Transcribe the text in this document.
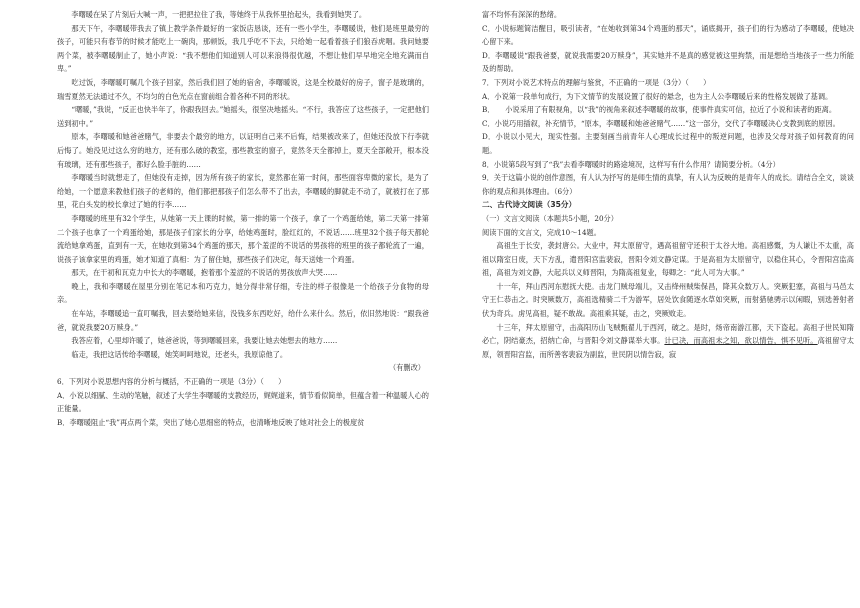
李曙暖在呆了片刻后大喊一声，一把把拉住了我，等她终于从我怀里抬起头，我看到她哭了。

那天下午，李曙暖带我去了镇上教学条件最好的一家饭店恳谈，还有一些小学生，李曙暖说，他们是班里最穷的孩子，可能只有春节的时候才能吃上一碗肉，那顿饭，我几乎吃不下去，只给她一起看着孩子们狼吞虎咽。我问她要两个菜，被李曙暖制止了，她小声说：“我不想他们知道别人可以来浪得很优越，不想让他们早早地完全地充满而自卑。”

吃过饭，李曙暖叮嘱几个孩子回家，然后我们回了她的宿舍，李曙暖说，这是全校最好的房子，窗子是玻璃的，瑞雪夏然无法通过不久，不均匀的白色光点在窗前组合着各种不同的形状。

“曙暖，”我说，“反正也快半年了，你跟我回去。”她摇头，很坚决地摇头。“不行，我答应了这些孩子，一定把他们送到初中。”

原本，李曙暖和她爸爸赌气，非要去个最穷的地方，以证明自己来不后悔，结果被改来了，但她还没放下行李就后悔了。她没见过这么穷的地方，还有那么破的教室，那些教室的窗子，竟然冬天全都掉上，夏天全部敞开，根本没有玻璃，还有那些孩子，都好么脸手脏的……

李曙暖当时就想走了，但她没有走掉，因为所有孩子的家长，竟然都在第一时间，那些面容卑微的家长，是为了给她，一个愿意来教他们孩子的老师的，他们都把那孩子们怎么带不了出去，李曙暖的脚就走不动了，就被打在了那里，花白头发的校长拿过了她的行李……

李曙暖的班里有32个学生，从她第一天上课的时候，第一排的第一个孩子，拿了一个鸡蛋给她，第二天第一排第二个孩子也拿了一个鸡蛋给她，那是孩子们家长的分享，给她鸡蛋时，脸红红的，不说话……班里32个孩子每天都轮流给她拿鸡蛋，直到有一天，在她收到第34个鸡蛋的那天，那个羞涩的不说话的男孩将的班里的孩子都轮流了一遍，说孩子该拿家里的鸡蛋，她才知道了真相：为了留住她，那些孩子们决定，每天送她一个鸡蛋。

那天，在干初和瓦克力中长大的李曙暖，抱着那个羞涩的不说话的男孩放声大哭……

晚上，我和李曙暖在屋里分别在笔记本和巧克力，她分得非常仔细，专注的样子很像是一个给孩子分食物的母亲。

在车站，李曙暖追一直叮嘱我，回去要给她来信，没钱多东西吃好，给什么来什么。然后，依旧然地说：“跟我爸爸，就说我要20万赎身。”

我答应着，心里却许暖了，她爸爸说，等到曙暖回来，我要让她去她想去的地方……

临走，我把这话传给李曙暖，她笑呵呵地说，还老头，我原谅他了。

（有删改）

6．下列对小说思想内容的分析与概括，不正确的一项是（3分）（　　）

A．小说以细腻、生动的笔触，叙述了大学生李曙暖的支教经历，娓娓道来，情节看似简单，但蕴含着一种温暖人心的正能量。

B．李曙暖阻止“我”再点两个菜，突出了她心思细密的特点，也清晰地反映了她对社会上的极度贫

富不均怀有深深的愁绪。

C．小说标题简洁醒目，吸引读者，“在她收到第34个鸡蛋的那天”，诵底揭开，孩子们的行为感动了李曙暖，使她决心留下来。

D．李曙暖说“跟我爸要，就说我需要20万赎身”，其实她并不是真的感觉被这里拘禁，而是想给当地孩子一些力所能及的帮助。

7．下列对小说艺术特点的理解与鉴赏，不正确的一项是（3分）（　　）

A．小说第一段单句成行，为下文情节的发展设置了很好的悬念，也为主人公李曙暖后来的性格发展做了基调。

B．　　小说采用了有限视角，以“我”的视角来叙述李曙暖的故事，使事件真实可信，拉近了小说和读者的距离。

C．小说巧用插叙，补充情节，“原本，李曙暖和她爸爸赌气……”这一部分，交代了李曙暖决心支教到底的原因。

D．小说以小见大，现实性强。主要刻画当前青年人心理成长过程中的叛逆问题，也涉及父母对孩子如何教育的问题。

8．小说第5段写到了“我”去看李曙暖时的路途境况，这样写有什么作用？请简要分析。（4分）

9．关于这篇小说的创作意图，有人认为抒写的是师生情的真挚，有人认为反映的是青年人的成长。请结合全文，谈谈你的观点和具体理由。（6分）

二、古代诗文阅读（35分）

（一）文言文阅读（本题共5小题，20分）

阅读下面的文言文，完成10～14题。

高祖生于长安，袭封唐公。大业中，拜太原留守，遇高祖留守还积于太谷大地。高祖感慨，为人谦让不太重，高祖以隋室日废，天下方乱，遣晋阳宫监裴寂，晋阳令刘文静定谋。于是高祖为太原留守，以稳住其心，令晋阳宫监高祖，高祖为刘文静，大起兵以义师晋阳，为隋高祖复业，每卿之：“此人可为大事。”

十一年，拜山西河东慰抚大使。击龙门贼母端儿，又击绛州贼柴保昌，降其众数万人。突厥犯塞，高祖与马邑太守王仁恭击之。时突厥数万，高祖选精骑二千为游军，居处饮食随逐水草如突厥，而射猎驰骋示以闲暇，别选善射者伏为奇兵。虏见高祖，疑不敢战。高祖乘其疑，击之，突厥败走。

十三年，拜太原留守，击高阳历山飞贼甄翟儿于西河，破之。是时，炀帝南游江都，天下盗起。高祖子世民知隋必亡，阴结豪杰，招纳亡命，与晋阳令刘文静谋举大事。计已决，而高祖未之知，欲以情告，惧不见听。高祖留守太原，领晋阳宫监，而所善客裴寂为副监，世民阴以情告寂，寂
